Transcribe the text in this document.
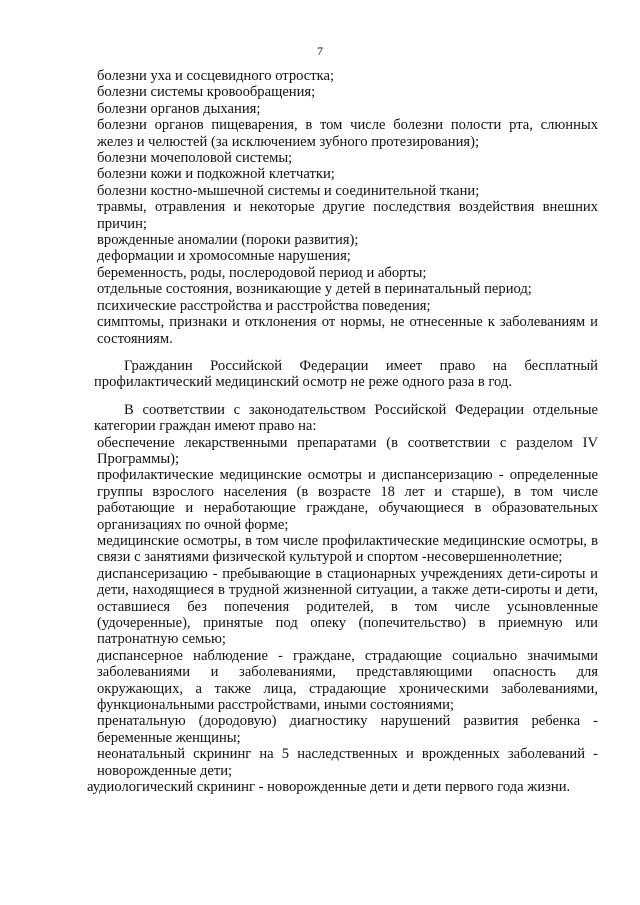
7

болезни уха и сосцевидного отростка;

болезни системы кровообращения;

болезни органов дыхания;

болезни органов пищеварения, в том числе болезни полости рта, слюнных желез и челюстей (за исключением зубного протезирования);

болезни мочеполовой системы;

болезни кожи и подкожной клетчатки;

болезни костно-мышечной системы и соединительной ткани;

травмы, отравления и некоторые другие последствия воздействия внешних причин;

врожденные аномалии (пороки развития);

деформации и хромосомные нарушения;

беременность, роды, послеродовой период и аборты;

отдельные состояния, возникающие у детей в перинатальный период;

психические расстройства и расстройства поведения;

симптомы, признаки и отклонения от нормы, не отнесенные к заболеваниям и состояниям.

Гражданин Российской Федерации имеет право на бесплатный профилактический медицинский осмотр не реже одного раза в год.

В соответствии с законодательством Российской Федерации отдельные категории граждан имеют право на:

обеспечение лекарственными препаратами (в соответствии с разделом IV Программы);

профилактические медицинские осмотры и диспансеризацию - определенные группы взрослого населения (в возрасте 18 лет и старше), в том числе работающие и неработающие граждане, обучающиеся в образовательных организациях по очной форме;

медицинские осмотры, в том числе профилактические медицинские осмотры, в связи с занятиями физической культурой и спортом -несовершеннолетние;

диспансеризацию - пребывающие в стационарных учреждениях дети-сироты и дети, находящиеся в трудной жизненной ситуации, а также дети-сироты и дети, оставшиеся без попечения родителей, в том числе усыновленные (удочеренные), принятые под опеку (попечительство) в приемную или патронатную семью;

диспансерное наблюдение - граждане, страдающие социально значимыми заболеваниями и заболеваниями, представляющими опасность для окружающих, а также лица, страдающие хроническими заболеваниями, функциональными расстройствами, иными состояниями;

пренатальную (дородовую) диагностику нарушений развития ребенка - беременные женщины;

неонатальный скрининг на 5 наследственных и врожденных заболеваний - новорожденные дети;

аудиологический скрининг - новорожденные дети и дети первого года жизни.
